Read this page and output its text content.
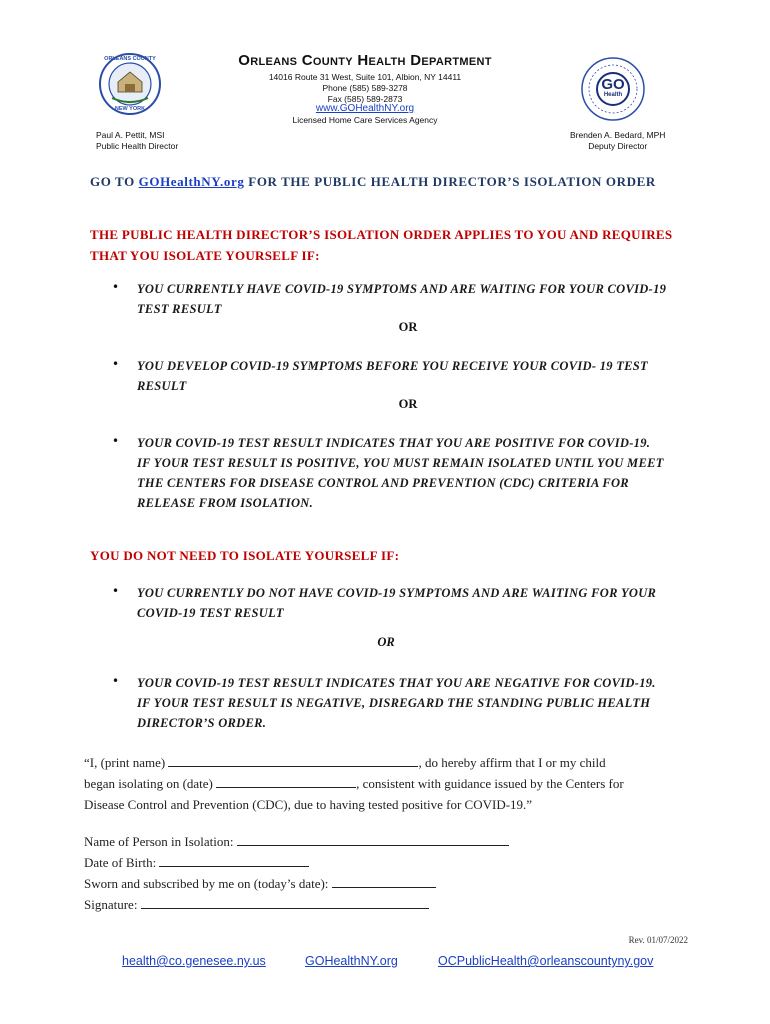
ORLEANS COUNTY
NEW YORK
Orleans County Health Department
14016 Route 31 West, Suite 101, Albion, NY 14411
Phone (585) 589-3278
Fax (585) 589-2873
www.GOHealthNY.org
Licensed Home Care Services Agency
GO
Health
Paul A. Pettit, MSI
Public Health Director
Brenden A. Bedard, MPH
Deputy Director
GO TO GOHealthNY.org FOR THE PUBLIC HEALTH DIRECTOR’S ISOLATION ORDER
THE PUBLIC HEALTH DIRECTOR’S ISOLATION ORDER APPLIES TO YOU AND REQUIRES THAT YOU ISOLATE YOURSELF IF:
•	YOU CURRENTLY HAVE COVID-19 SYMPTOMS AND ARE WAITING FOR YOUR COVID-19 TEST RESULT
OR
•	YOU DEVELOP COVID-19 SYMPTOMS BEFORE YOU RECEIVE YOUR COVID- 19 TEST RESULT
OR
•	YOUR COVID-19 TEST RESULT INDICATES THAT YOU ARE POSITIVE FOR COVID-19. IF YOUR TEST RESULT IS POSITIVE, YOU MUST REMAIN ISOLATED UNTIL YOU MEET THE CENTERS FOR DISEASE CONTROL AND PREVENTION (CDC) CRITERIA FOR RELEASE FROM ISOLATION.
YOU DO NOT NEED TO ISOLATE YOURSELF IF:
•	YOU CURRENTLY DO NOT HAVE COVID-19 SYMPTOMS AND ARE WAITING FOR YOUR COVID-19 TEST RESULT
OR
•	YOUR COVID-19 TEST RESULT INDICATES THAT YOU ARE NEGATIVE FOR COVID-19. IF YOUR TEST RESULT IS NEGATIVE, DISREGARD THE STANDING PUBLIC HEALTH DIRECTOR’S ORDER.
“I, (print name)	, do hereby affirm that I or my child
began isolating on (date)	, consistent with guidance issued by the Centers for
Disease Control and Prevention (CDC), due to having tested positive for COVID-19.”
Name of Person in Isolation:
Date of Birth:
Sworn and subscribed by me on (today’s date):
Signature:
Rev. 01/07/2022
health@co.genesee.ny.us	GOHealthNY.org	OCPublicHealth@orleanscountyny.gov
